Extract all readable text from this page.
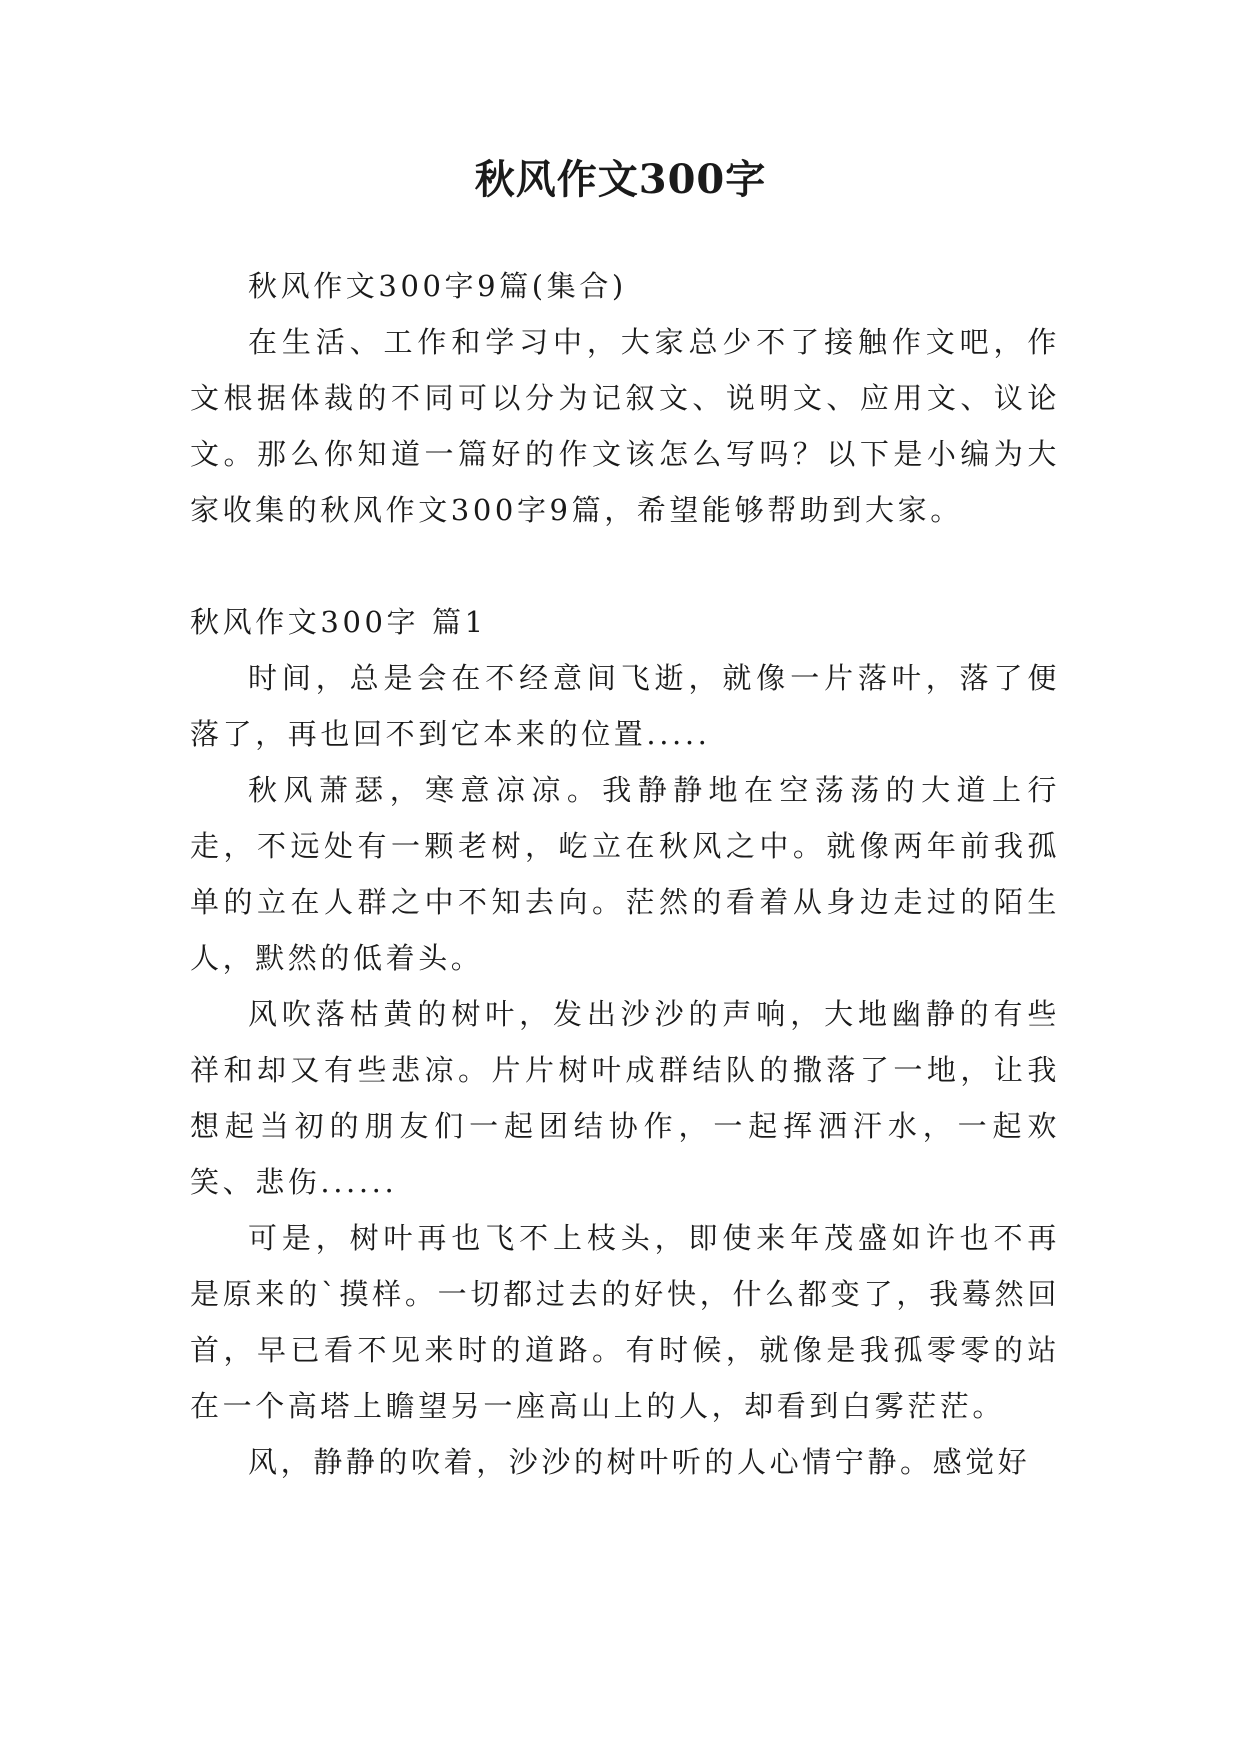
秋风作文300字

秋风作文300字9篇(集合)

在生活、工作和学习中，大家总少不了接触作文吧，作文根据体裁的不同可以分为记叙文、说明文、应用文、议论文。那么你知道一篇好的作文该怎么写吗？以下是小编为大家收集的秋风作文300字9篇，希望能够帮助到大家。

秋风作文300字 篇1

时间，总是会在不经意间飞逝，就像一片落叶，落了便落了，再也回不到它本来的位置.....

秋风萧瑟，寒意凉凉。我静静地在空荡荡的大道上行走，不远处有一颗老树，屹立在秋风之中。就像两年前我孤单的立在人群之中不知去向。茫然的看着从身边走过的陌生人，默然的低着头。

风吹落枯黄的树叶，发出沙沙的声响，大地幽静的有些祥和却又有些悲凉。片片树叶成群结队的撒落了一地，让我想起当初的朋友们一起团结协作，一起挥洒汗水，一起欢笑、悲伤......

可是，树叶再也飞不上枝头，即使来年茂盛如许也不再是原来的`摸样。一切都过去的好快，什么都变了，我蓦然回首，早已看不见来时的道路。有时候，就像是我孤零零的站在一个高塔上瞻望另一座高山上的人，却看到白雾茫茫。

风，静静的吹着，沙沙的树叶听的人心情宁静。感觉好
